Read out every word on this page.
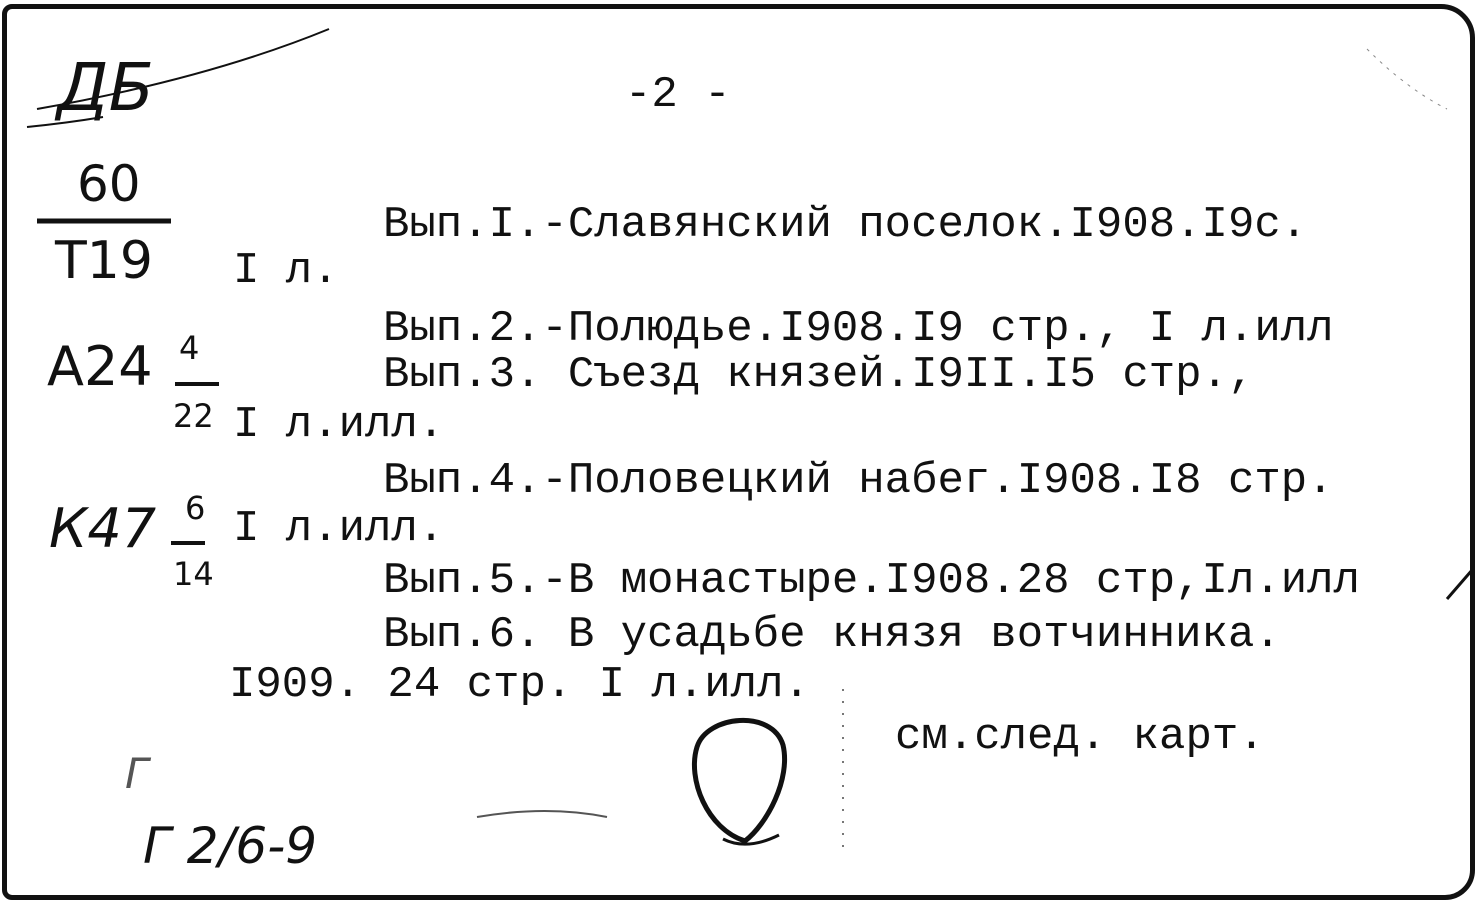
-2 -
Вып.I.-Славянский поселок.I908.I9с.
I л.
Вып.2.-Полюдье.I908.I9 стр., I л.илл
Вып.3. Съезд князей.I9II.I5 стр.,
I л.илл.
Вып.4.-Половецкий набег.I908.I8 стр.
I л.илл.
Вып.5.-В монастыре.I908.28 стр,Iл.илл
Вып.6. В усадьбе князя вотчинника.
I909. 24 стр. I л.илл.
см.след. карт.
ДБ
60
Т19
А24 4
22
К47 6
14
Г
Г 2/6-9
